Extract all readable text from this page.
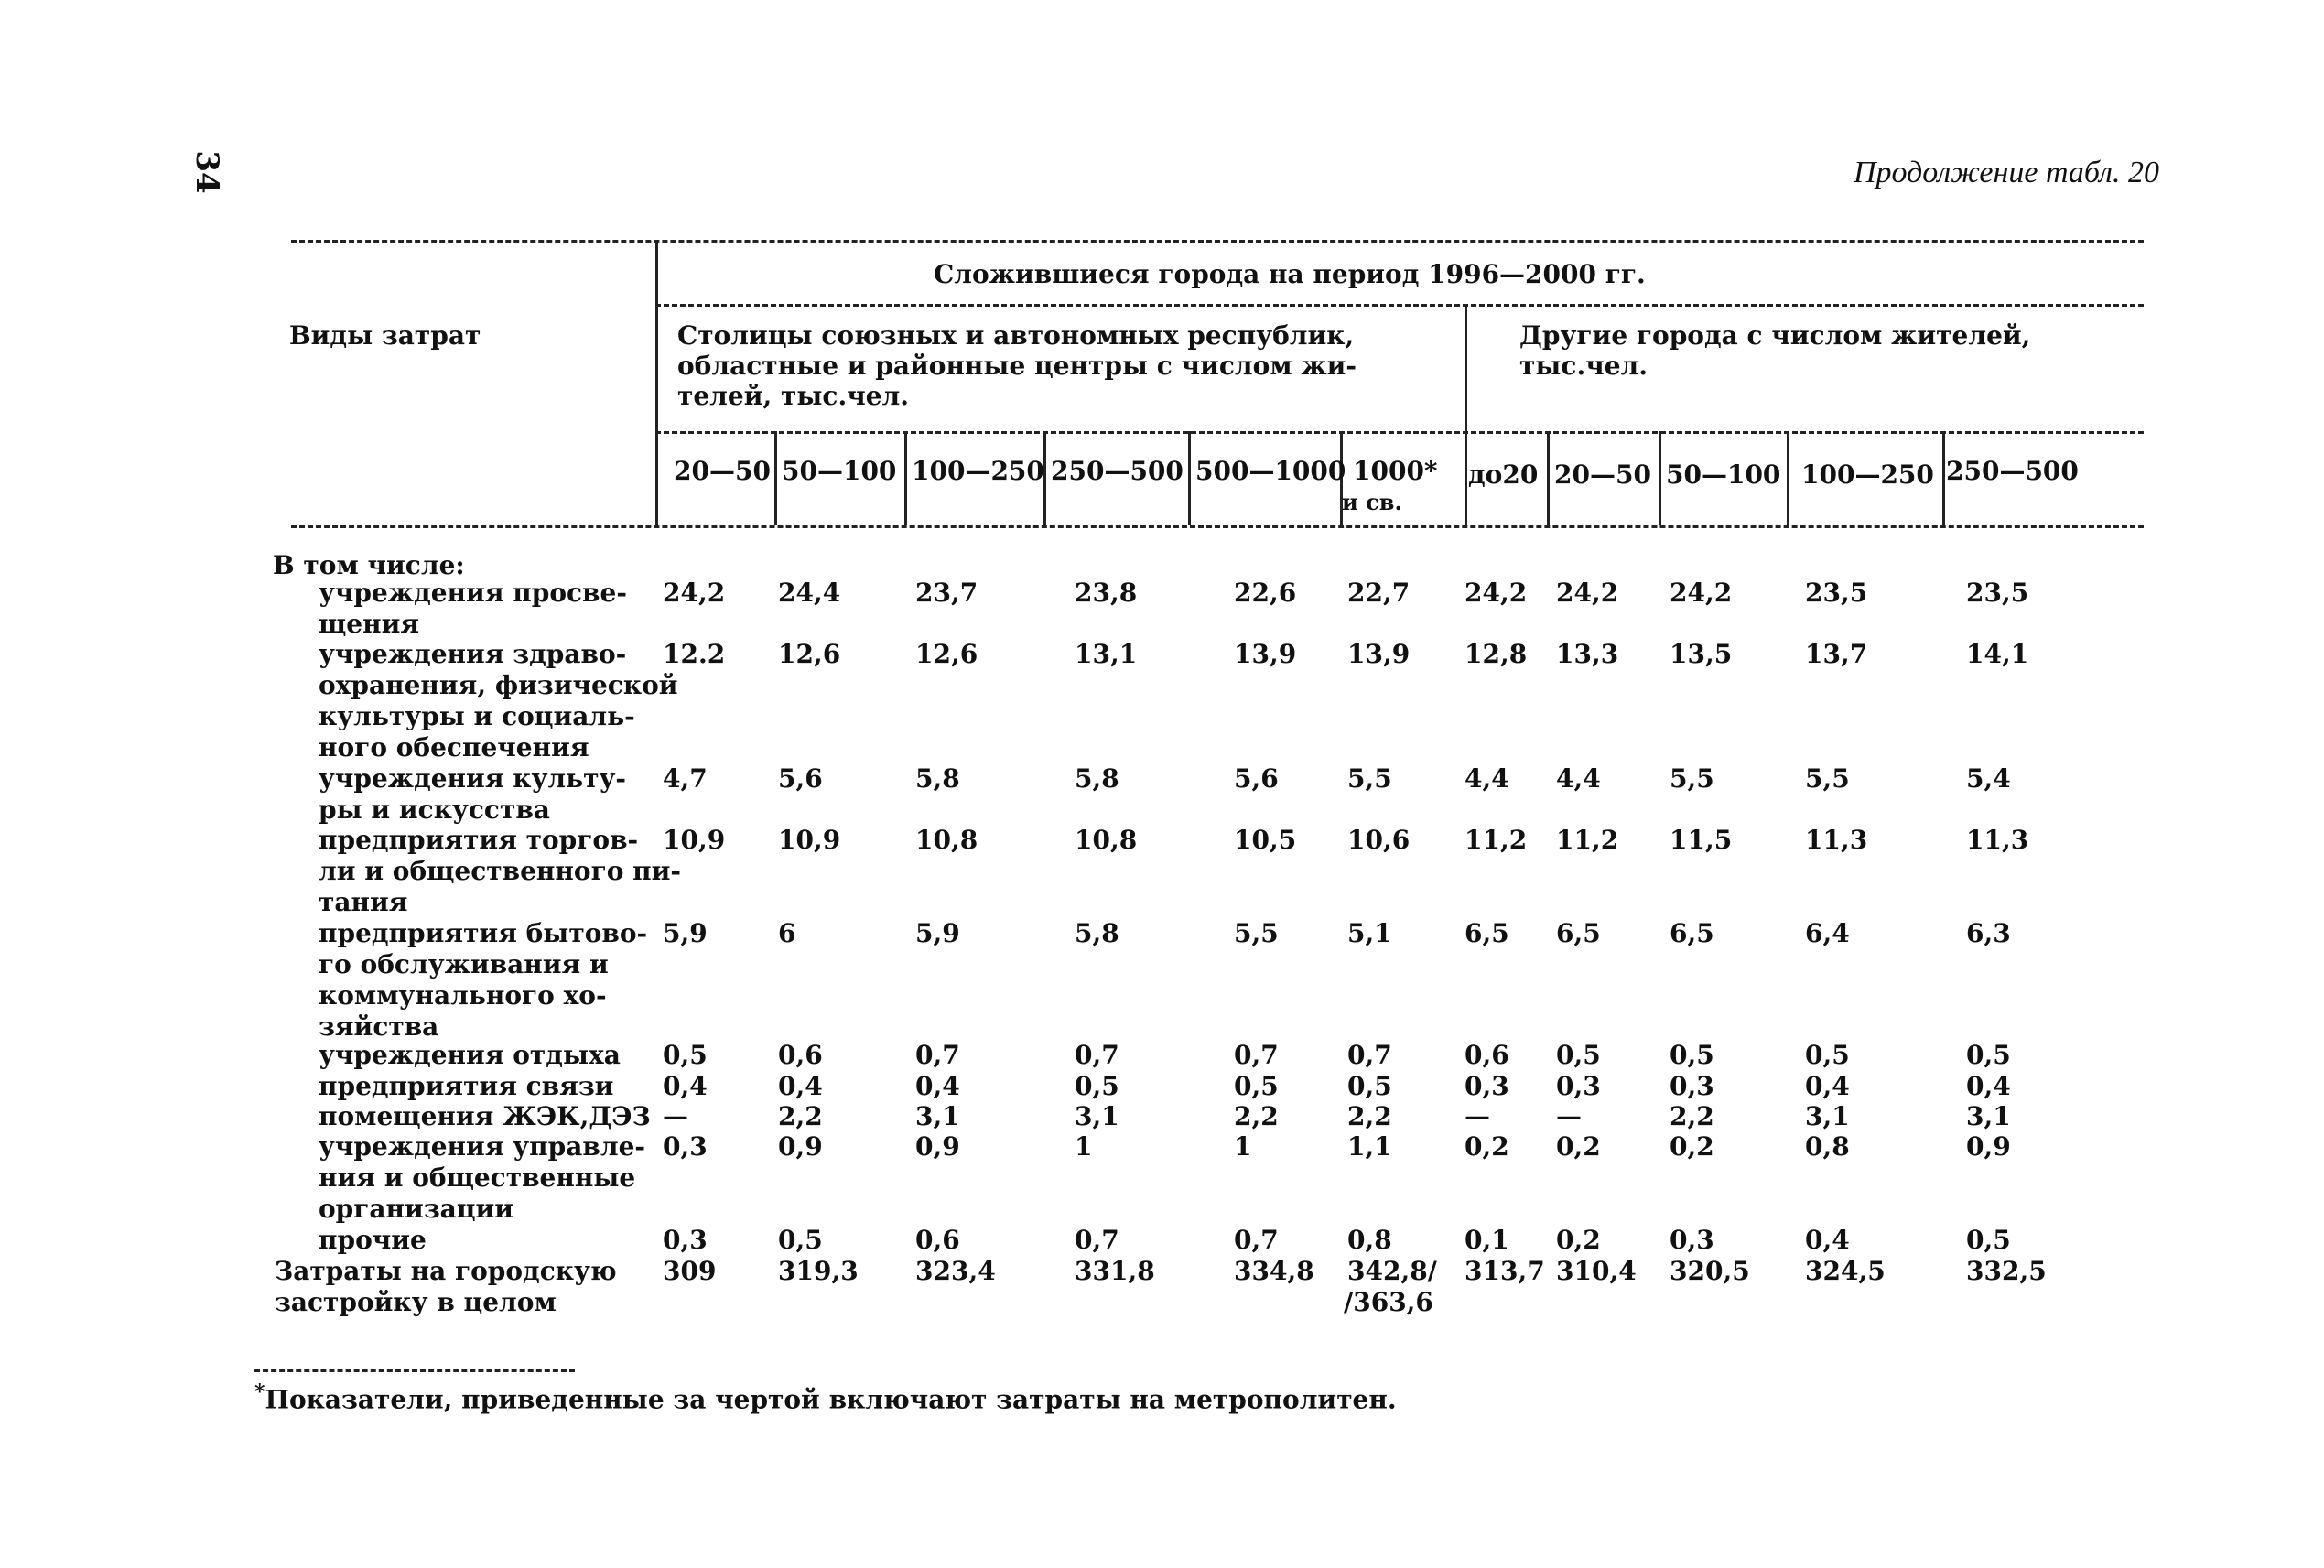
34	Продолжение табл. 20
Виды затрат
Сложившиеся города на период 1996—2000 гг.
Столицы союзных и автономных республик,
областные и районные центры с числом жи-
телей, тыс.чел.
Другие города с числом жителей,
тыс.чел.
20—50 50—100 100—250 250—500 500—1000 1000*
и св.
до20 20—50 50—100 100—250 250—500
В том числе:
учреждения просве-
щения
24,2 24,4	23,7	23,8	22,6 22,7 24,2 24,2 24,2	23,5	23,5
учреждения здраво-
охранения, физической
культуры и социаль-
ного обеспечения
12.2 12,6	12,6	13,1	13,9 13,9 12,8 13,3 13,5	13,7	14,1
учреждения культу-
ры и искусства
4,7	5,6	5,8	5,8	5,6	5,5	4,4 4,4	5,5	5,5	5,4
предприятия торгов-
ли и общественного пи-
тания
10,9 10,9	10,8	10,8	10,5 10,6 11,2 11,2 11,5	11,3	11,3
предприятия бытово-
го обслуживания и
коммунального хо-
зяйства
5,9	6	5,9	5,8	5,5	5,1	6,5 6,5	6,5	6,4	6,3
учреждения отдыха 0,5	0,6	0,7	0,7	0,7	0,7	0,6 0,5	0,5	0,5	0,5
предприятия связи 0,4	0,4	0,4	0,5	0,5	0,5	0,3 0,3	0,3	0,4	0,4
помещения ЖЭК,ДЭЗ —	2,2	3,1	3,1	2,2	2,2	—	—	2,2	3,1	3,1
учреждения управле-
ния и общественные
организации
0,3	0,9	0,9	1	1	1,1	0,2 0,2	0,2	0,8	0,9
прочие	0,3	0,5	0,6	0,7	0,7	0,8	0,1 0,2	0,3	0,4	0,5
Затраты на городскую
застройку в целом
309 319,3 323,4	331,8	334,8 342,8/ 313,7 310,4 320,5 324,5	332,5
/363,6
*Показатели, приведенные за чертой включают затраты на метрополитен.
